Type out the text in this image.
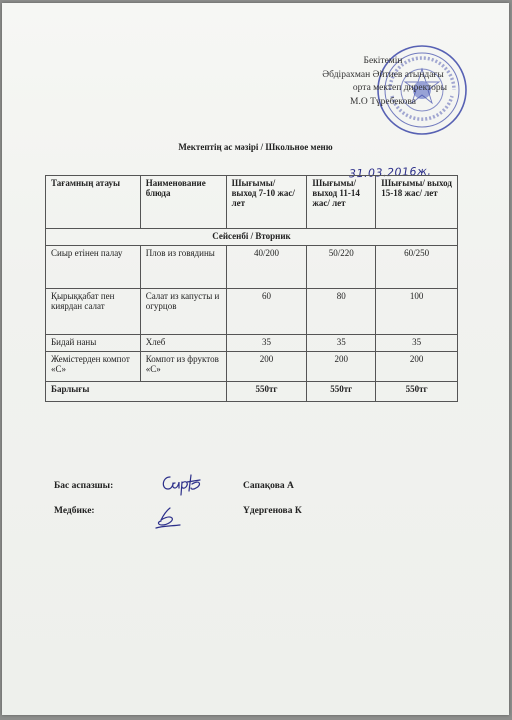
Бекітемін
Әбдірахман Әйтиев атындағы
орта мектеп директоры
М.О Түребекова
Мектептің ас мәзірі / Школьное меню
31.03.2016ж.
Тағамның атауы	Наименование блюда	Шығымы/ выход 7-10 жас/ лет	Шығымы/ выход 11-14 жас/ лет	Шығымы/ выход 15-18 жас/ лет
Сейсенбі / Вторник				
Сиыр етінен палау	Плов из говядины	40/200	50/220	60/250
Қырыққабат пен киярдан салат	Салат из капусты и огурцов	60	80	100
Бидай наны	Хлеб	35	35	35
Жемістерден компот «С»	Компот из фруктов «С»	200	200	200
Барлығы		550тг	550тг	550тг
Бас аспазшы:	Сапақова А
Медбике:	Үдергенова К
